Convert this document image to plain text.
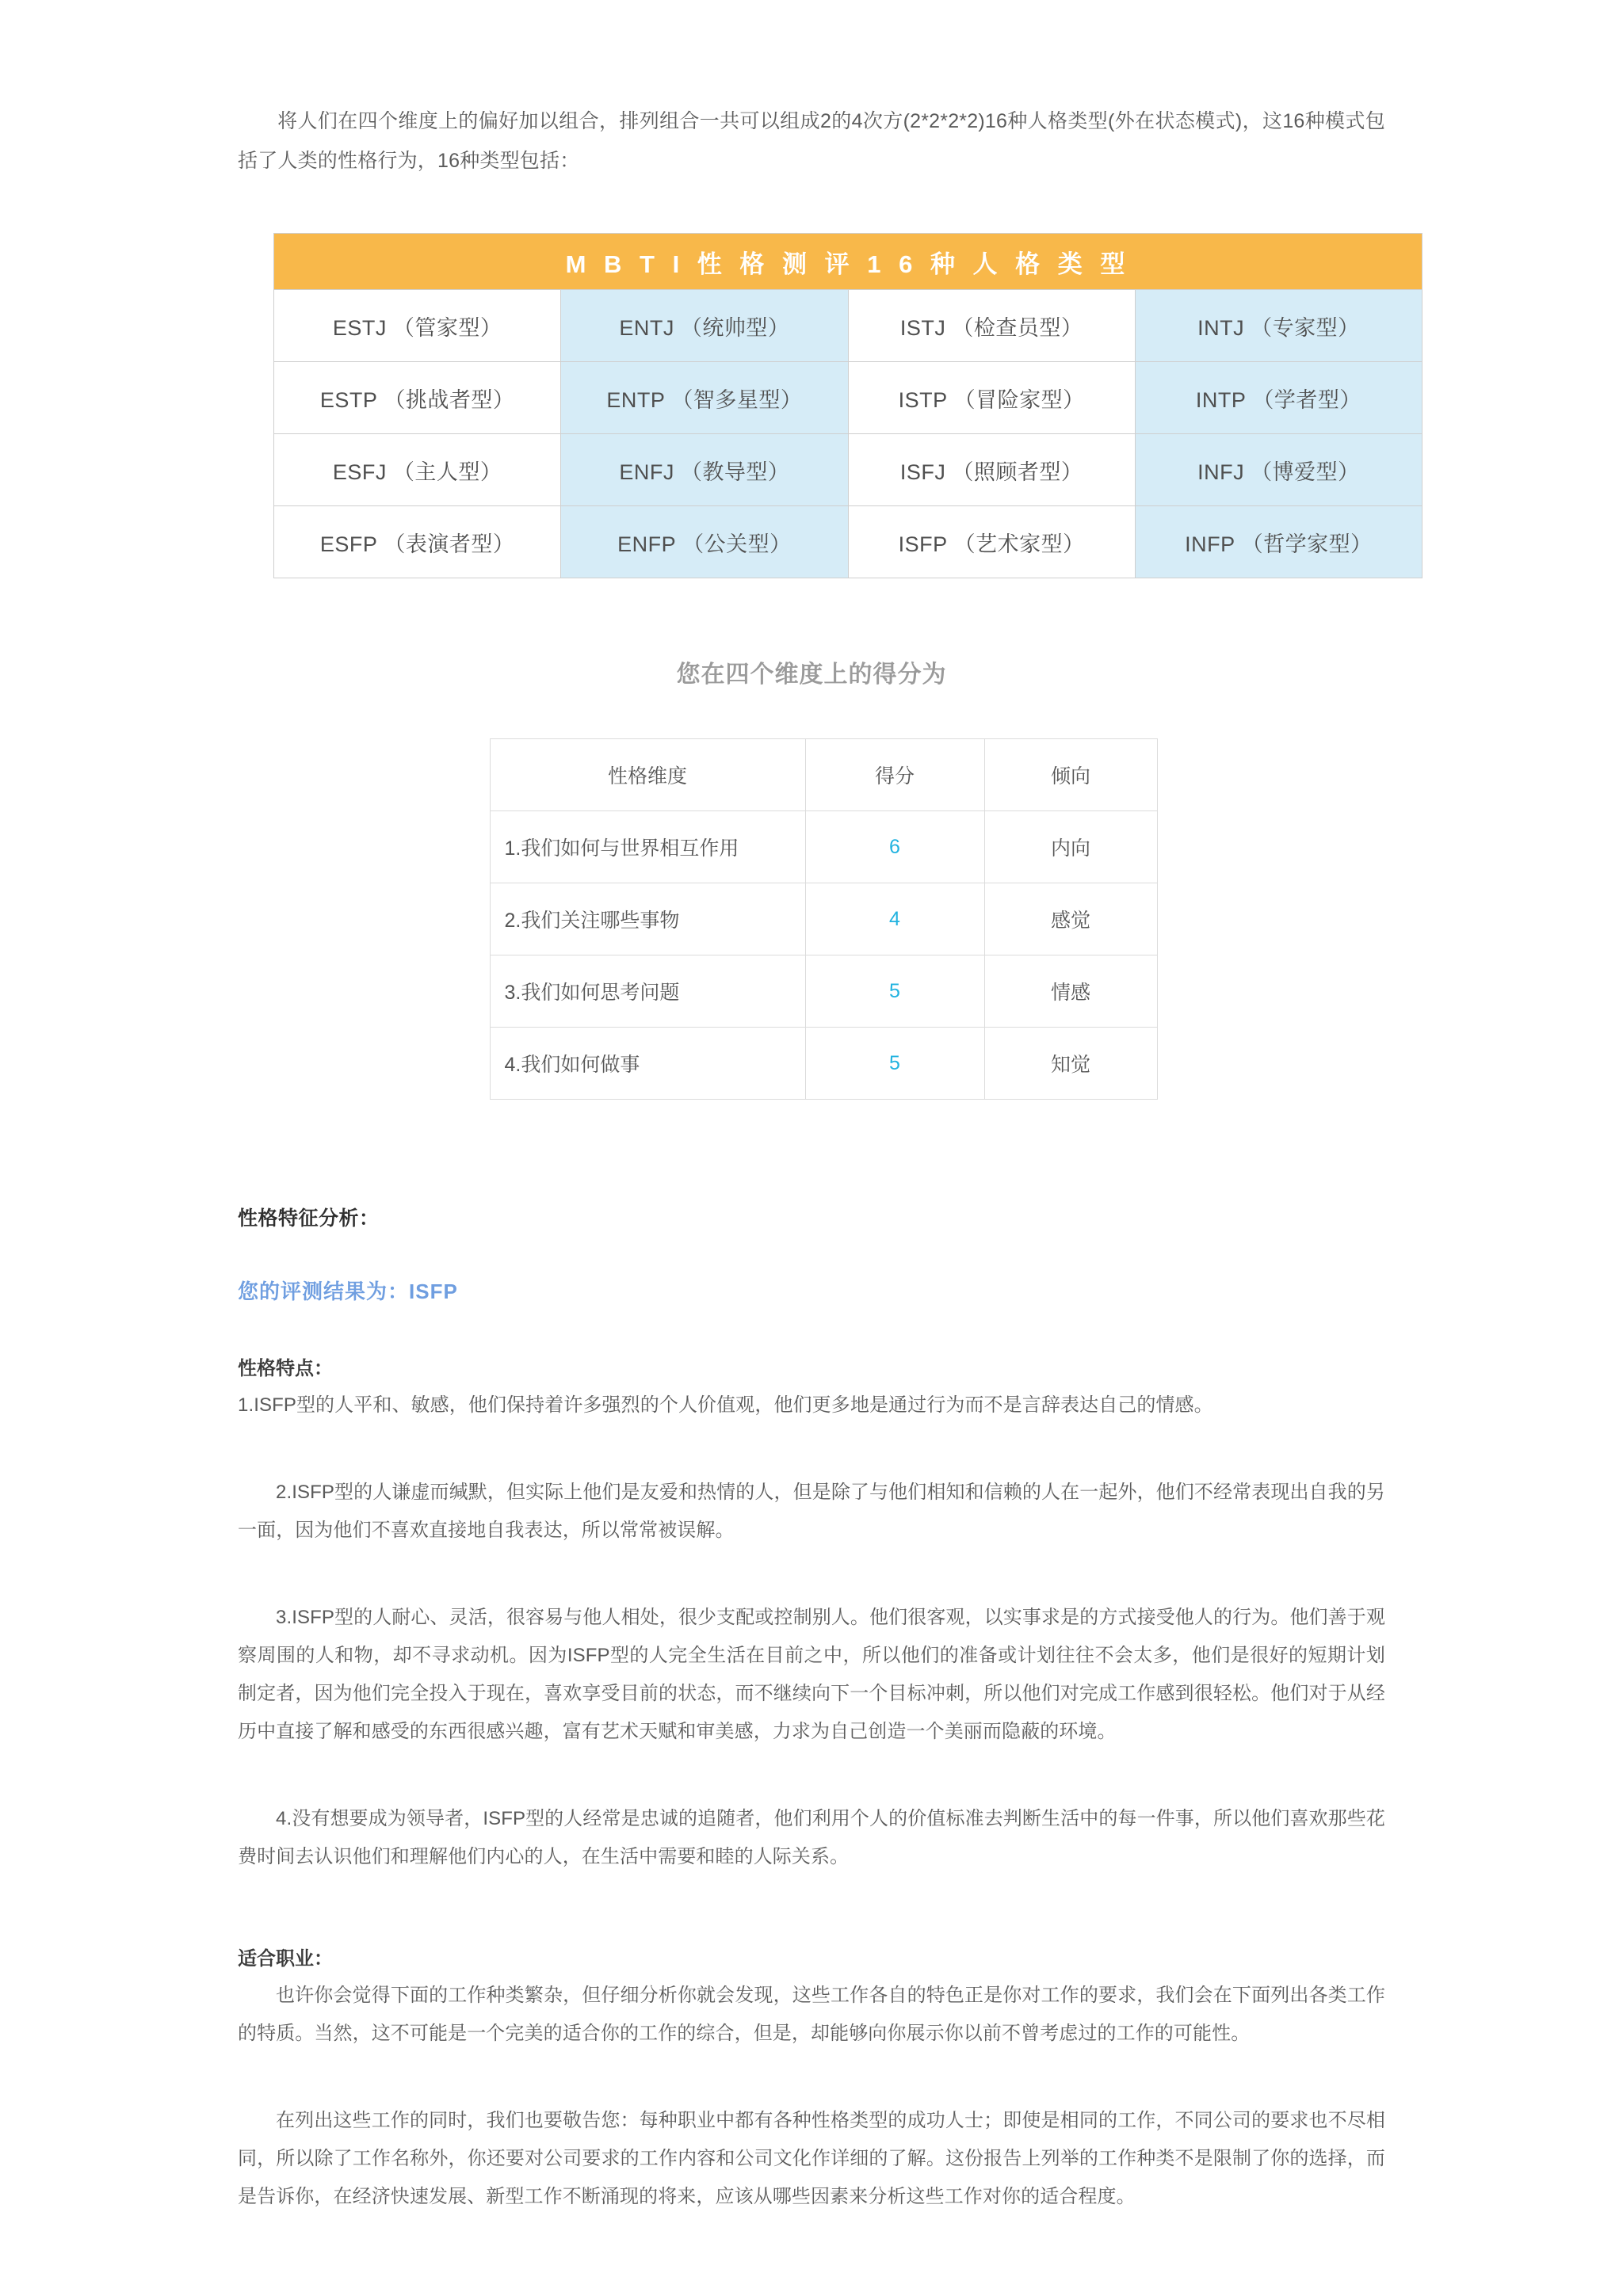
将人们在四个维度上的偏好加以组合，排列组合一共可以组成2的4次方(2*2*2*2)16种人格类型(外在状态模式)，这16种模式包括了人类的性格行为，16种类型包括：

M B T I 性 格 测 评 1 6 种 人 格 类 型			
ESTJ （管家型）	ENTJ （统帅型）	ISTJ （检查员型）	INTJ （专家型）
ESTP （挑战者型）	ENTP （智多星型）	ISTP （冒险家型）	INTP （学者型）
ESFJ （主人型）	ENFJ （教导型）	ISFJ （照顾者型）	INFJ （博爱型）
ESFP （表演者型）	ENFP （公关型）	ISFP （艺术家型）	INFP （哲学家型）
您在四个维度上的得分为
性格维度	得分	倾向
1.我们如何与世界相互作用	6	内向
2.我们关注哪些事物	4	感觉
3.我们如何思考问题	5	情感
4.我们如何做事	5	知觉
性格特征分析：
您的评测结果为：ISFP
性格特点：

1.ISFP型的人平和、敏感，他们保持着许多强烈的个人价值观，他们更多地是通过行为而不是言辞表达自己的情感。

2.ISFP型的人谦虚而缄默，但实际上他们是友爱和热情的人，但是除了与他们相知和信赖的人在一起外，他们不经常表现出自我的另一面，因为他们不喜欢直接地自我表达，所以常常被误解。

3.ISFP型的人耐心、灵活，很容易与他人相处，很少支配或控制别人。他们很客观，以实事求是的方式接受他人的行为。他们善于观察周围的人和物，却不寻求动机。因为ISFP型的人完全生活在目前之中，所以他们的准备或计划往往不会太多，他们是很好的短期计划制定者，因为他们完全投入于现在，喜欢享受目前的状态，而不继续向下一个目标冲刺，所以他们对完成工作感到很轻松。他们对于从经历中直接了解和感受的东西很感兴趣，富有艺术天赋和审美感，力求为自己创造一个美丽而隐蔽的环境。

4.没有想要成为领导者，ISFP型的人经常是忠诚的追随者，他们利用个人的价值标准去判断生活中的每一件事，所以他们喜欢那些花费时间去认识他们和理解他们内心的人，在生活中需要和睦的人际关系。

适合职业：

也许你会觉得下面的工作种类繁杂，但仔细分析你就会发现，这些工作各自的特色正是你对工作的要求，我们会在下面列出各类工作的特质。当然，这不可能是一个完美的适合你的工作的综合，但是，却能够向你展示你以前不曾考虑过的工作的可能性。

在列出这些工作的同时，我们也要敬告您：每种职业中都有各种性格类型的成功人士；即使是相同的工作，不同公司的要求也不尽相同，所以除了工作名称外，你还要对公司要求的工作内容和公司文化作详细的了解。这份报告上列举的工作种类不是限制了你的选择，而是告诉你，在经济快速发展、新型工作不断涌现的将来，应该从哪些因素来分析这些工作对你的适合程度。
